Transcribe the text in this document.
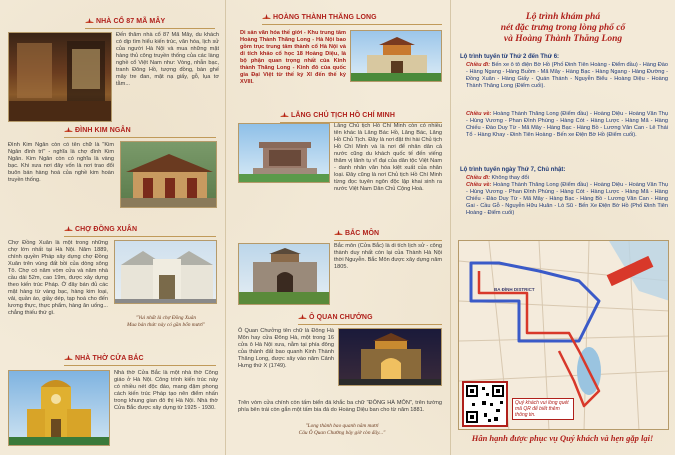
NHÀ CỔ 87 MÃ MÂY
Đến thăm nhà cổ 87 Mã Mây, du khách có dịp tìm hiểu kiến trúc, văn hóa, lịch sử của người Hà Nội và mua những mặt hàng thủ công truyền thống của các làng nghề cổ Việt Nam như: Vòng, nhẫn bạc, tranh Đông Hồ, tượng đồng, bàn ghế mây tre đan, mặt nạ giấy, gỗ, lụa tơ tằm...
ĐÌNH KIM NGÂN
Đình Kim Ngân còn có tên chữ là "Kim Ngân đình trì" - nghĩa là chợ đình Kim Ngân. Kim Ngân còn có nghĩa là vàng bạc. Khi xưa nơi đây vốn là nơi trao đổi buôn bán hàng hoá của nghề kim hoàn truyền thống.
CHỢ ĐỒNG XUÂN
Chợ Đồng Xuân là một trong những chợ lớn nhất tại Hà Nội. Năm 1889, chính quyền Pháp xây dựng chợ Đồng Xuân trên vùng đất bồi của dòng sông Tô. Chợ có năm vòm cửa và năm nhà cầu dài 52m, cao 19m, được xây dựng theo kiến trúc Pháp. Ở đây bán đủ các mặt hàng từ vàng bạc, hàng kim loại, vải, quần áo, giầy dép, tạp hoá cho đến lương thực, thực phẩm, hàng ăn uống... chẳng thiếu thứ gì.
"Vui nhất là chợ Đồng Xuân
Mua bán thức này có gần bốn mươi"
NHÀ THỜ CỬA BẮC
Nhà thờ Cửa Bắc là một nhà thờ Công giáo ở Hà Nội. Công trình kiến trúc này có nhiều nét độc đáo, mang đậm phong cách kiến trúc Pháp tạo nên điểm nhấn trong khung gian đô thị Hà Nội. Nhà thờ Cửa Bắc được xây dựng từ 1925 - 1930.
HOÀNG THÀNH THĂNG LONG
Di sản văn hóa thế giới - Khu trung tâm Hoàng Thành Thăng Long - Hà Nội bao gồm trục trung tâm thành cổ Hà Nội và di tích khảo cổ học 18 Hoàng Diệu, là bộ phận quan trọng nhất của Kinh thành Thăng Long - Kinh đô của quốc gia Đại Việt từ thế kỷ XI đến thế kỷ XVIII.
LĂNG CHỦ TỊCH HỒ CHÍ MINH
Lăng Chủ tịch Hồ Chí Minh còn có nhiều tên khác là Lăng Bác Hồ, Lăng Bác, Lăng Hồ Chủ Tịch. Đây là nơi đặt thi hài Chủ tịch Hồ Chí Minh và là nơi để nhân dân cả nước cũng du khách quốc tế đến viếng thăm vị lãnh tụ vĩ đại của dân tộc Việt Nam - danh nhân văn hóa kiệt xuất của nhân loại. Đây cũng là nơi Chủ tịch Hồ Chí Minh từng đọc tuyên ngôn độc lập khai sinh ra nước Việt Nam Dân Chủ Cộng Hoà.
BẮC MÔN
Bắc môn (Cửa Bắc) là di tích lịch sử - công thành duy nhất còn lại của Thành Hà Nội thời Nguyễn. Bắc Môn được xây dựng năm 1805.
Ô QUAN CHƯỞNG
Ô Quan Chưởng tên chữ là Đông Hà Môn hay cửa Đông Hà, một trong 16 cửa ô Hà Nội xưa, nằm tại phía đông của thành đất bao quanh Kinh Thành Thăng Long, được xây vào năm Cảnh Hưng thứ X (1749).
Trên vòm cửa chính còn tấm biển đá khắc ba chữ "ĐÔNG HÀ MÔN", trên tường phía bên trái còn gắn một tấm bia đá do Hoàng Diệu ban cho từ năm 1881.
"Long thành bao quanh năm mươi
Câu Ô Quan Chưởng bây giờ còn đây..."
Lộ trình khám phá
nét đặc trưng trong lòng phố cổ
và Hoàng Thành Thăng Long
Lộ trình tuyến từ Thứ 2 đến Thứ 6:
Chiều đi: Bến xe ô tô điện Bờ Hồ (Phố Đinh Tiên Hoàng - Điểm đầu) - Hàng Đào - Hàng Ngang - Hàng Buồm - Mã Mây - Hàng Bạc - Hàng Ngang - Hàng Đường - Đồng Xuân - Hàng Giấy - Quán Thánh - Nguyễn Biểu - Hoàng Diệu - Hoàng Thành Thăng Long (Điểm cuối).
Chiều về: Hoàng Thành Thăng Long (Điểm đầu) - Hoàng Diệu - Hoàng Văn Thụ - Hùng Vương - Phan Đình Phùng - Hàng Cót - Hàng Lược - Hàng Mã - Hàng Chiếu - Đào Duy Từ - Mã Mây - Hàng Bạc - Hàng Bồ - Lương Văn Can - Lê Thái Tổ - Hàng Khay - Đinh Tiên Hoàng - Bến xe Điện Bờ Hồ (Điểm cuối).
Lộ trình tuyến ngày Thứ 7, Chủ nhật:
Chiều đi: Không thay đổi
Chiều về: Hoàng Thành Thăng Long (Điểm đầu) - Hoàng Diệu - Hoàng Văn Thụ - Hùng Vương - Phan Đình Phùng - Hàng Cót - Hàng Lược - Hàng Mã - Hàng Chiếu - Đào Duy Từ - Mã Mây - Hàng Bạc - Hàng Bồ - Lương Văn Can - Hàng Gai - Cầu Gỗ - Nguyễn Hữu Huân - Lò Sũ - Bến Xe Điện Bờ Hồ (Phố Đinh Tiên Hoàng - Điểm cuối)
BA ĐÌNH DISTRICT
Quý khách vui lòng quét mã QR để biết thêm thông tin.
Hân hạnh được phục vụ Quý khách và hẹn gặp lại!
